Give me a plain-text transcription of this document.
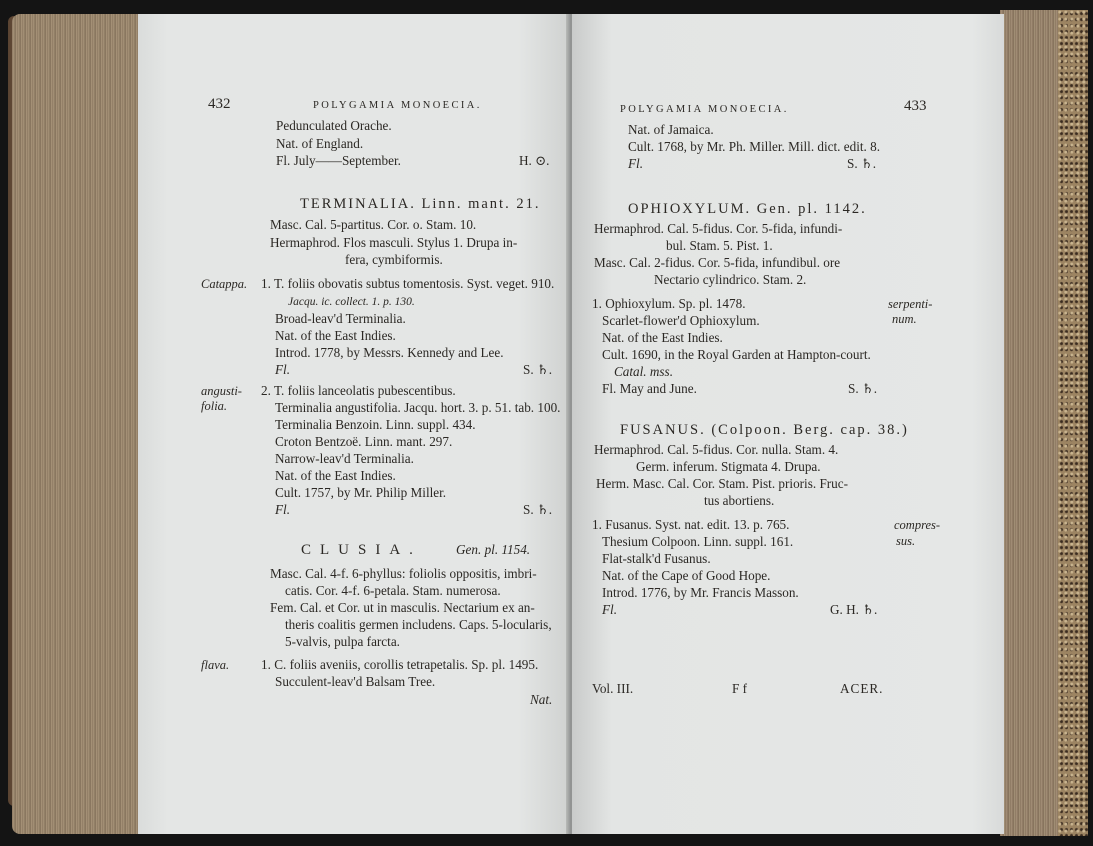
432	POLYGAMIA MONOECIA.
Pedunculated Orache.
Nat. of England.
Fl. July——September.	H. ⊙.
TERMINALIA. Linn. mant. 21.
Masc. Cal. 5-partitus. Cor. o. Stam. 10.
Hermaphrod. Flos masculi. Stylus 1. Drupa in-
fera, cymbiformis.
Catappa. 1. T. foliis obovatis subtus tomentosis. Syst. veget. 910.
Jacqu. ic. collect. 1. p. 130.
Broad-leav'd Terminalia.
Nat. of the East Indies.
Introd. 1778, by Messrs. Kennedy and Lee.
Fl.	S. ♄.
angusti-
folia.
2. T. foliis lanceolatis pubescentibus.
Terminalia angustifolia. Jacqu. hort. 3. p. 51. tab. 100.
Terminalia Benzoin. Linn. suppl. 434.
Croton Bentzoë. Linn. mant. 297.
Narrow-leav'd Terminalia.
Nat. of the East Indies.
Cult. 1757, by Mr. Philip Miller.
Fl.	S. ♄.
CLUSIA.	Gen. pl. 1154.
Masc. Cal. 4-f. 6-phyllus: foliolis oppositis, imbri-
catis. Cor. 4-f. 6-petala. Stam. numerosa.
Fem. Cal. et Cor. ut in masculis. Nectarium ex an-
theris coalitis germen includens. Caps. 5-locularis,
5-valvis, pulpa farcta.
flava. 1. C. foliis aveniis, corollis tetrapetalis. Sp. pl. 1495.
Succulent-leav'd Balsam Tree.
Nat.
POLYGAMIA MONOECIA.	433
Nat. of Jamaica.
Cult. 1768, by Mr. Ph. Miller. Mill. dict. edit. 8.
Fl.	S. ♄.
OPHIOXYLUM. Gen. pl. 1142.
Hermaphrod. Cal. 5-fidus. Cor. 5-fida, infundi-
bul. Stam. 5. Pist. 1.
Masc. Cal. 2-fidus. Cor. 5-fida, infundibul. ore
Nectario cylindrico. Stam. 2.
1. Ophioxylum. Sp. pl. 1478.
Scarlet-flower'd Ophioxylum.
Nat. of the East Indies.
Cult. 1690, in the Royal Garden at Hampton-court.
Catal. mss.
Fl. May and June.	S. ♄.
serpenti-
num.
FUSANUS. (Colpoon. Berg. cap. 38.)
Hermaphrod. Cal. 5-fidus. Cor. nulla. Stam. 4.
Germ. inferum. Stigmata 4. Drupa.
Herm. Masc. Cal. Cor. Stam. Pist. prioris. Fruc-
tus abortiens.
1. Fusanus. Syst. nat. edit. 13. p. 765.
Thesium Colpoon. Linn. suppl. 161.
Flat-stalk'd Fusanus.
Nat. of the Cape of Good Hope.
Introd. 1776, by Mr. Francis Masson.
Fl.	G. H. ♄.
compres-
sus.
Vol. III.	F f	ACER.
